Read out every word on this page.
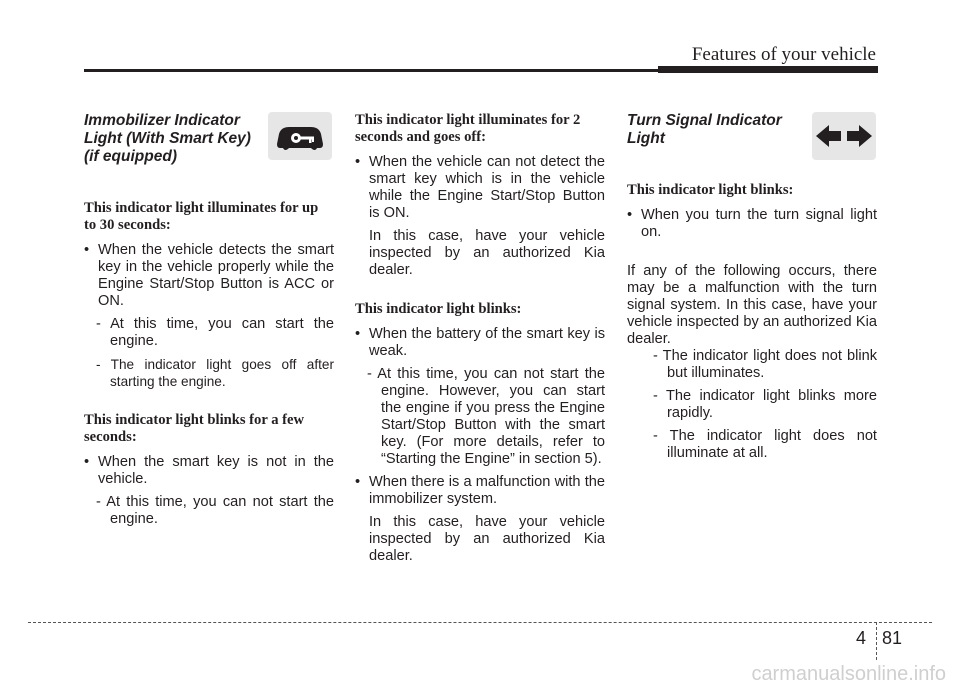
Features of your vehicle
Immobilizer Indicator Light (With Smart Key) (if equipped)

This indicator light illuminates for up to 30 seconds:

• When the vehicle detects the smart key in the vehicle properly while the Engine Start/Stop Button is ACC or ON.

- At this time, you can start the engine.

- The indicator light goes off after starting the engine.

This indicator light blinks for a few seconds:

• When the smart key is not in the vehicle.

- At this time, you can not start the engine.

This indicator light illuminates for 2 seconds and goes off:

• When the vehicle can not detect the smart key which is in the vehicle while the Engine Start/Stop Button is ON.

In this case, have your vehicle inspected by an authorized Kia dealer.

This indicator light blinks:

• When the battery of the smart key is weak.

- At this time, you can not start the engine. However, you can start the engine if you press the Engine Start/Stop Button with the smart key. (For more details, refer to “Starting the Engine” in section 5).

• When there is a malfunction with the immobilizer system.

In this case, have your vehicle inspected by an authorized Kia dealer.

Turn Signal Indicator Light

This indicator light blinks:

• When you turn the turn signal light on.

If any of the following occurs, there may be a malfunction with the turn signal system. In this case, have your vehicle inspected by an authorized Kia dealer.

- The indicator light does not blink but illuminates.

- The indicator light blinks more rapidly.

- The indicator light does not illuminate at all.

4 81
carmanualsonline.info
